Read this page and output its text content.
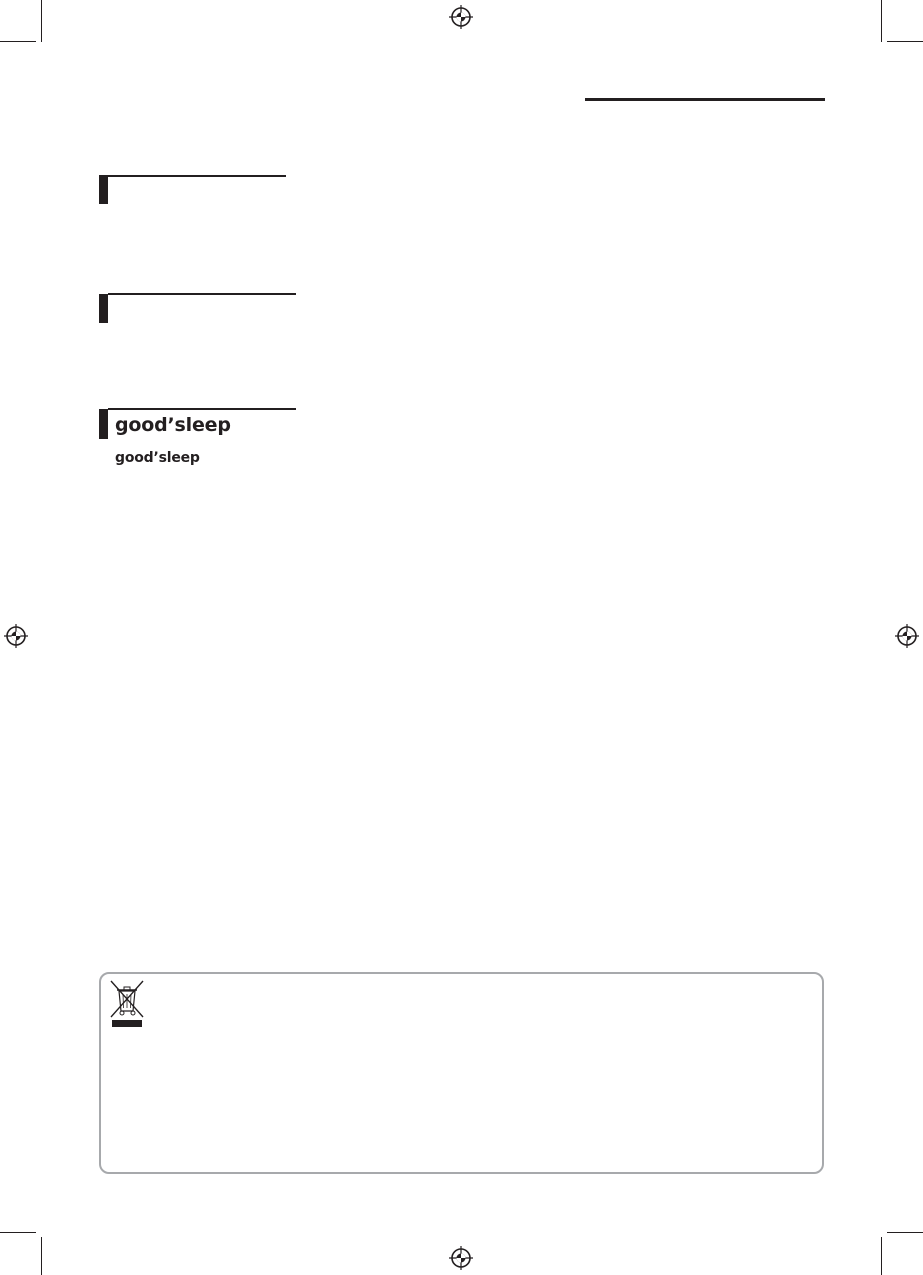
good’sleep
good’sleep
